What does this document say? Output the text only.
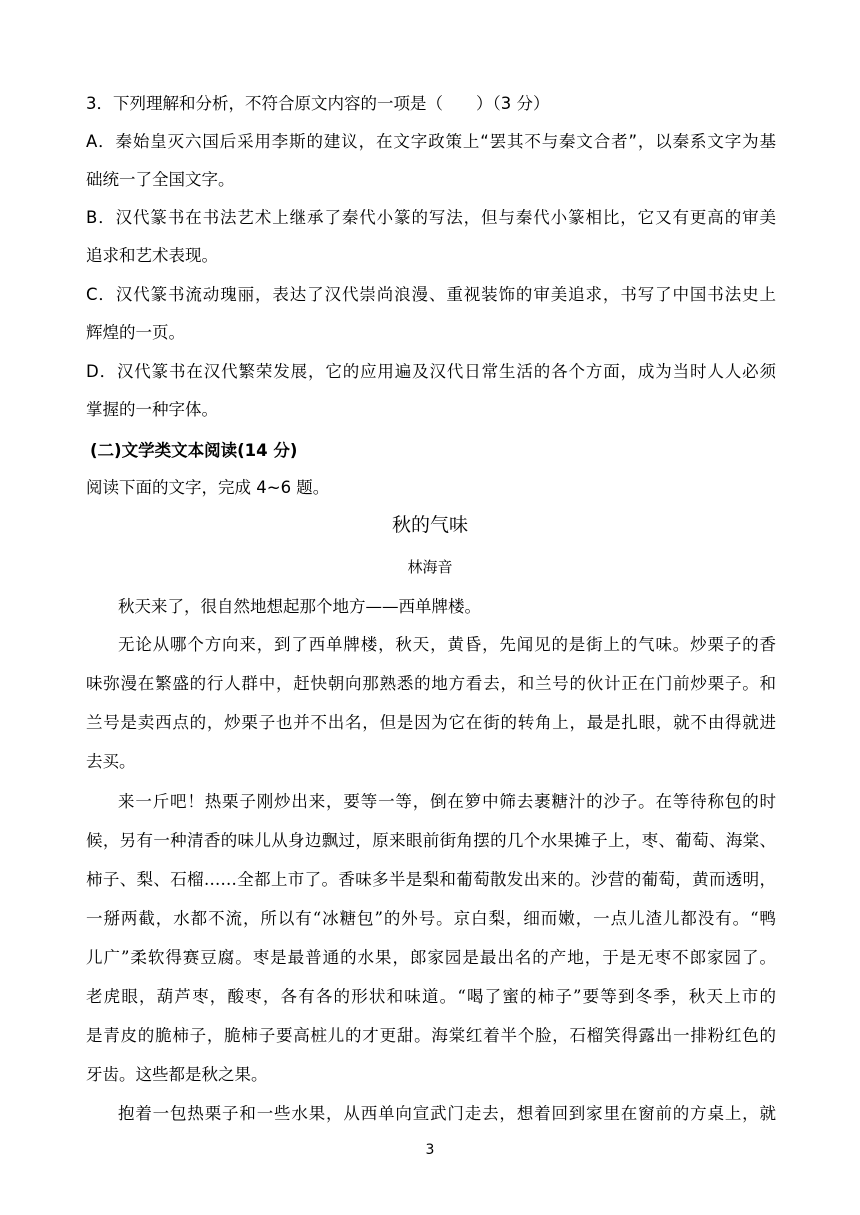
3．下列理解和分析，不符合原文内容的一项是（　　）（3 分）
A．秦始皇灭六国后采用李斯的建议，在文字政策上“罢其不与秦文合者”，以秦系文字为基
础统一了全国文字。
B．汉代篆书在书法艺术上继承了秦代小篆的写法，但与秦代小篆相比，它又有更高的审美
追求和艺术表现。
C．汉代篆书流动瑰丽，表达了汉代崇尚浪漫、重视装饰的审美追求，书写了中国书法史上
辉煌的一页。
D．汉代篆书在汉代繁荣发展，它的应用遍及汉代日常生活的各个方面，成为当时人人必须
掌握的一种字体。
(二)文学类文本阅读(14 分)
阅读下面的文字，完成 4~6 题。
秋的气味
林海音
秋天来了，很自然地想起那个地方——西单牌楼。
无论从哪个方向来，到了西单牌楼，秋天，黄昏，先闻见的是街上的气味。炒栗子的香
味弥漫在繁盛的行人群中，赶快朝向那熟悉的地方看去，和兰号的伙计正在门前炒栗子。和
兰号是卖西点的，炒栗子也并不出名，但是因为它在街的转角上，最是扎眼，就不由得就进
去买。
来一斤吧！热栗子刚炒出来，要等一等，倒在箩中筛去裹糖汁的沙子。在等待称包的时
候，另有一种清香的味儿从身边飘过，原来眼前街角摆的几个水果摊子上，枣、葡萄、海棠、
柿子、梨、石榴……全都上市了。香味多半是梨和葡萄散发出来的。沙营的葡萄，黄而透明，
一掰两截，水都不流，所以有“冰糖包”的外号。京白梨，细而嫩，一点儿渣儿都没有。“鸭
儿广”柔软得赛豆腐。枣是最普通的水果，郎家园是最出名的产地，于是无枣不郎家园了。
老虎眼，葫芦枣，酸枣，各有各的形状和味道。“喝了蜜的柿子”要等到冬季，秋天上市的
是青皮的脆柿子，脆柿子要高桩儿的才更甜。海棠红着半个脸，石榴笑得露出一排粉红色的
牙齿。这些都是秋之果。
抱着一包热栗子和一些水果，从西单向宣武门走去，想着回到家里在窗前的方桌上，就
3
